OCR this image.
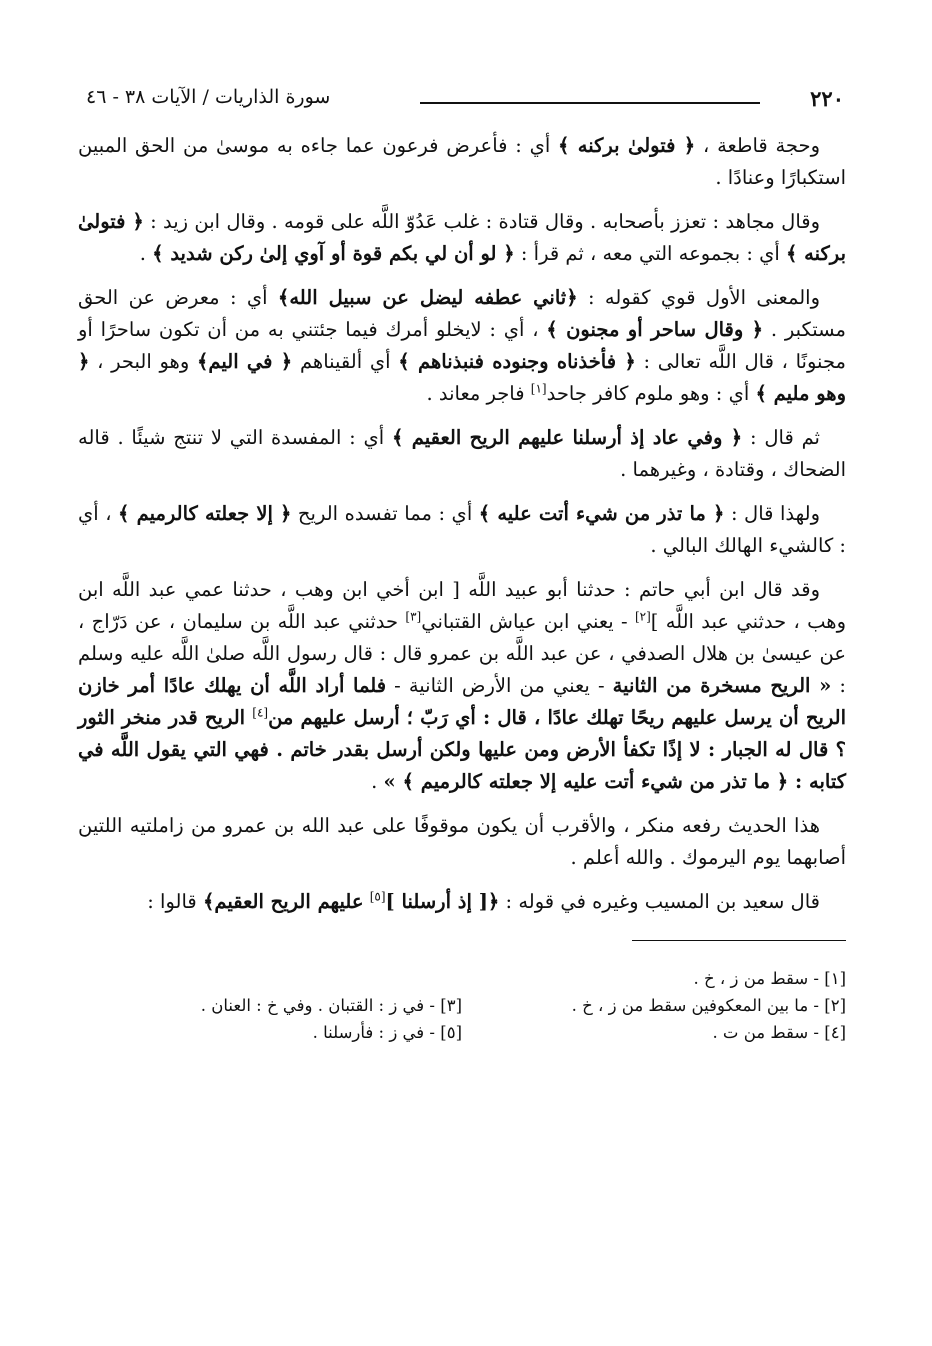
٢٢٠
سورة الذاريات / الآيات ٣٨ - ٤٦

وحجة قاطعة ، ﴿ فتولىٰ بركنه ﴾ أي : فأعرض فرعون عما جاءه به موسىٰ من الحق المبين استكبارًا وعنادًا .

وقال مجاهد : تعزز بأصحابه . وقال قتادة : غلب عَدُوّ اللَّه على قومه . وقال ابن زيد : ﴿ فتولىٰ بركنه ﴾ أي : بجموعه التي معه ، ثم قرأ : ﴿ لو أن لي بكم قوة أو آوي إلىٰ ركن شديد ﴾ .

والمعنى الأول قوي كقوله : ﴿ثاني عطفه ليضل عن سبيل الله﴾ أي : معرض عن الحق مستكبر . ﴿ وقال ساحر أو مجنون ﴾ ، أي : لايخلو أمرك فيما جئتني به من أن تكون ساحرًا أو مجنونًا ، قال اللَّه تعالى : ﴿ فأخذناه وجنوده فنبذناهم ﴾ أي ألقيناهم ﴿ في اليم﴾ وهو البحر ، ﴿ وهو مليم ﴾ أي : وهو ملوم كافر جاحد[١] فاجر معاند .

ثم قال : ﴿ وفي عاد إذ أرسلنا عليهم الريح العقيم ﴾ أي : المفسدة التي لا تنتج شيئًا . قاله الضحاك ، وقتادة ، وغيرهما .

ولهذا قال : ﴿ ما تذر من شيء أتت عليه ﴾ أي : مما تفسده الريح ﴿ إلا جعلته كالرميم ﴾ ، أي : كالشيء الهالك البالي .

وقد قال ابن أبي حاتم : حدثنا أبو عبيد اللَّه [ ابن أخي ابن وهب ، حدثنا عمي عبد اللَّه ابن وهب ، حدثني عبد اللَّه ][٢] - يعني ابن عياش القتباني[٣] حدثني عبد اللَّه بن سليمان ، عن دَرّاج ، عن عيسىٰ بن هلال الصدفي ، عن عبد اللَّه بن عمرو قال : قال رسول اللَّه صلىٰ اللَّه عليه وسلم : « الريح مسخرة من الثانية - يعني من الأرض الثانية - فلما أراد اللَّه أن يهلك عادًا أمر خازن الريح أن يرسل عليهم ريحًا تهلك عادًا ، قال : أي رَبّ ؛ أرسل عليهم من[٤] الريح قدر منخر الثور ؟ قال له الجبار : لا إذًا تكفأ الأرض ومن عليها ولكن أرسل بقدر خاتم . فهي التي يقول اللَّه في كتابه : ﴿ ما تذر من شيء أتت عليه إلا جعلته كالرميم ﴾ » .

هذا الحديث رفعه منكر ، والأقرب أن يكون موقوفًا على عبد الله بن عمرو من زاملتيه اللتين أصابهما يوم اليرموك . والله أعلم .

قال سعيد بن المسيب وغيره في قوله : ﴿[ إذ أرسلنا ][٥] عليهم الريح العقيم﴾ قالوا :

[١] - سقط من ز ، خ .
[٢] - ما بين المعكوفين سقط من ز ، خ .
[٤] - سقط من ت .
[٣] - في ز : القتبان . وفي خ : العنان .
[٥] - في ز : فأرسلنا .
